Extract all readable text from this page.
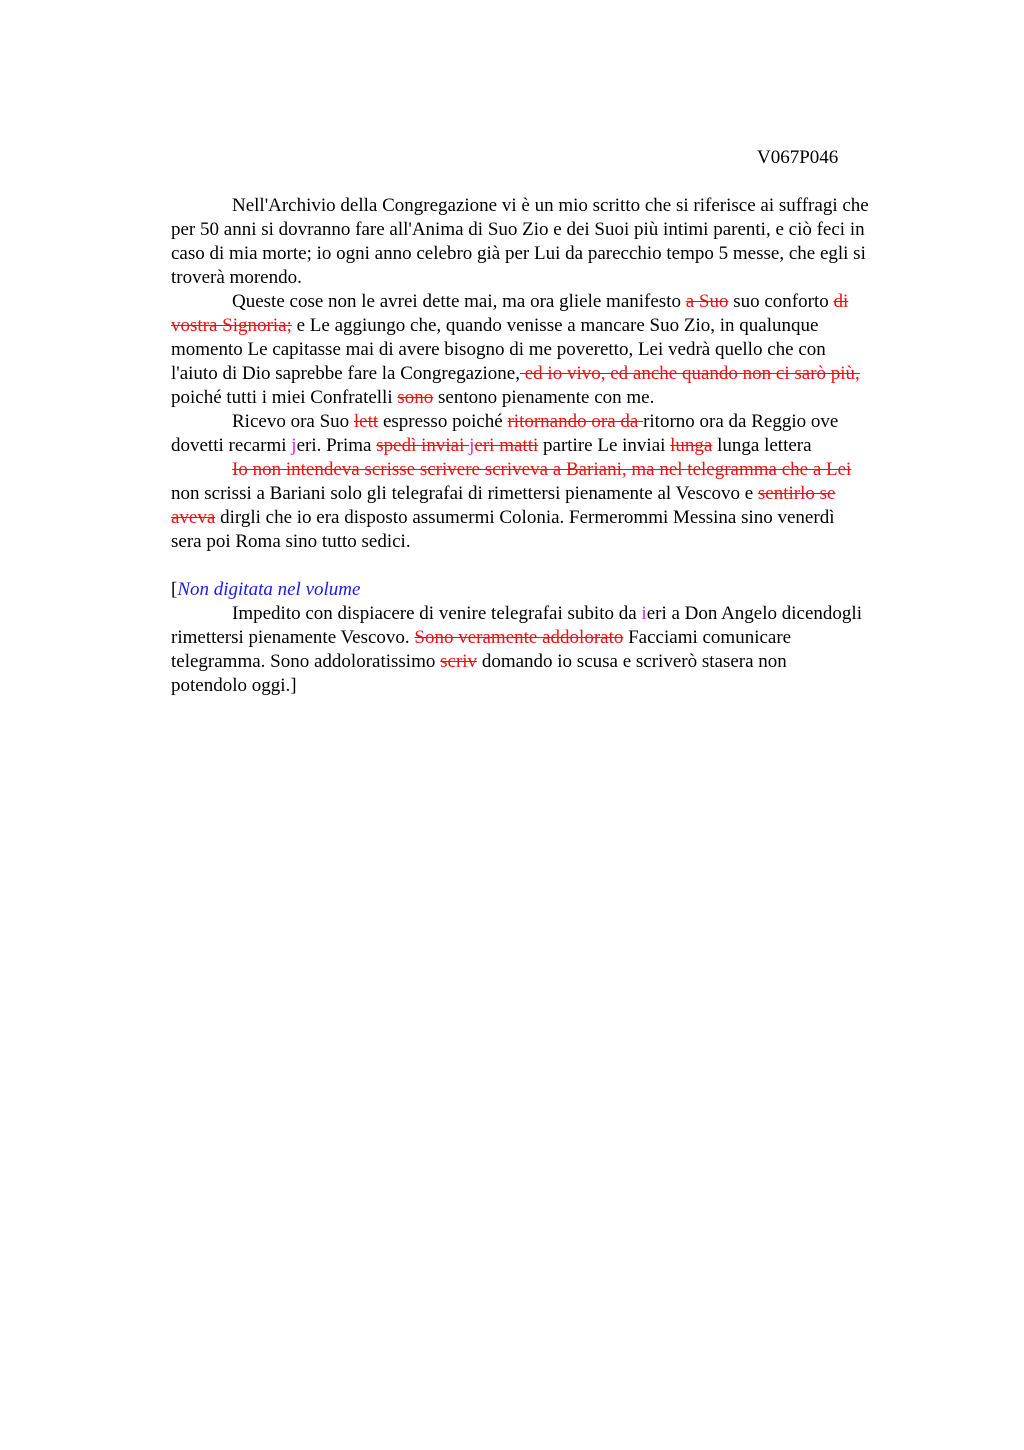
V067P046
Nell'Archivio della Congregazione vi è un mio scritto che si riferisce ai suffragi che
per 50 anni si dovranno fare all'Anima di Suo Zio e dei Suoi più intimi parenti, e ciò feci in
caso di mia morte; io ogni anno celebro già per Lui da parecchio tempo 5 messe, che egli si
troverà morendo.
Queste cose non le avrei dette mai, ma ora gliele manifesto a Suo suo conforto di
vostra Signoria; e Le aggiungo che, quando venisse a mancare Suo Zio, in qualunque
momento Le capitasse mai di avere bisogno di me poveretto, Lei vedrà quello che con
l'aiuto di Dio saprebbe fare la Congregazione, ed io vivo, ed anche quando non ci sarò più,
poiché tutti i miei Confratelli sono sentono pienamente con me.
Ricevo ora Suo lett espresso poiché ritornando ora da ritorno ora da Reggio ove
dovetti recarmi jeri. Prima spedì inviai jeri matti partire Le inviai lunga lunga lettera
Io non intendeva scrisse scrivere scriveva a Bariani, ma nel telegramma che a Lei
non scrissi a Bariani solo gli telegrafai di rimettersi pienamente al Vescovo e sentirlo se
aveva dirgli che io era disposto assumermi Colonia. Fermerommi Messina sino venerdì
sera poi Roma sino tutto sedici.
[Non digitata nel volume
Impedito con dispiacere di venire telegrafai subito da ieri a Don Angelo dicendogli
rimettersi pienamente Vescovo. Sono veramente addolorato Facciami comunicare
telegramma. Sono addoloratissimo scriv domando io scusa e scriverò stasera non
potendolo oggi.]
